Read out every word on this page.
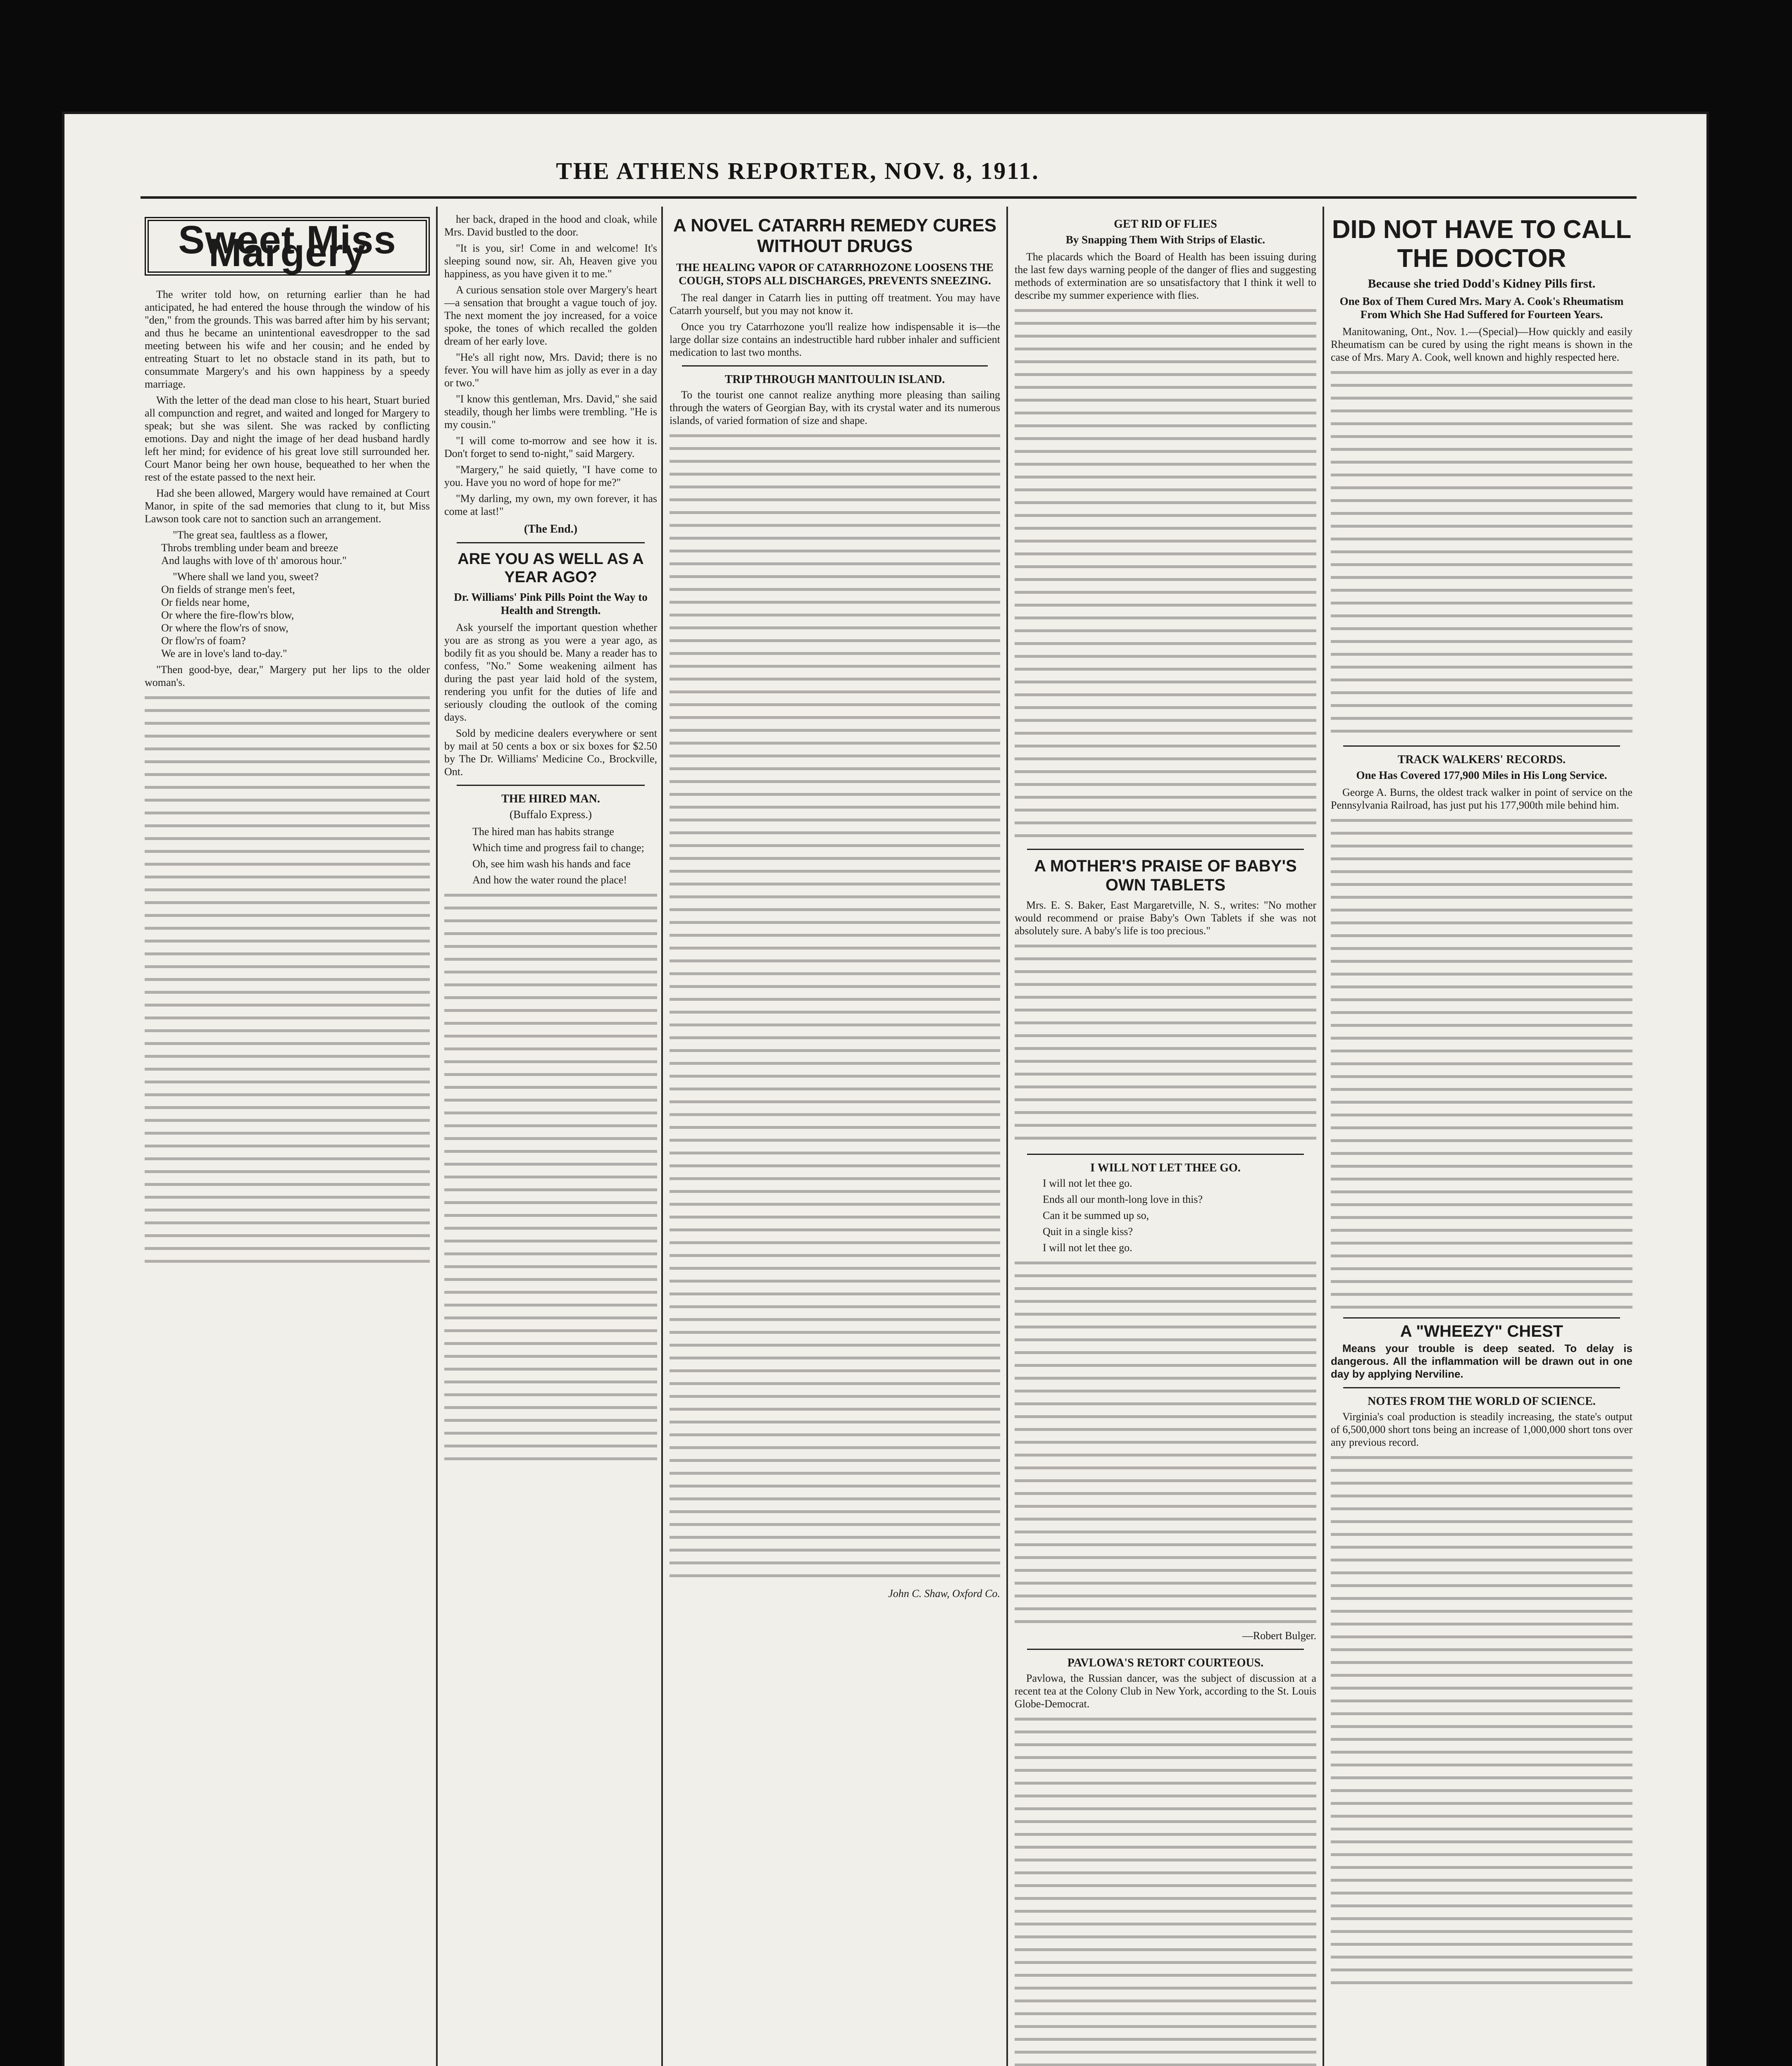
THE ATHENS REPORTER, NOV. 8, 1911.
Sweet Miss Margery

The writer told how, on returning earlier than he had anticipated, he had entered the house through the window of his "den," from the grounds. This was barred after him by his servant; and thus he became an unintentional eavesdropper to the sad meeting between his wife and her cousin; and he ended by entreating Stuart to let no obstacle stand in its path, but to consummate Margery's and his own happiness by a speedy marriage.

With the letter of the dead man close to his heart, Stuart buried all compunction and regret, and waited and longed for Margery to speak; but she was silent. She was racked by conflicting emotions. Day and night the image of her dead husband hardly left her mind; for evidence of his great love still surrounded her. Court Manor being her own house, bequeathed to her when the rest of the estate passed to the next heir.

Had she been allowed, Margery would have remained at Court Manor, in spite of the sad memories that clung to it, but Miss Lawson took care not to sanction such an arrangement.

"The great sea, faultless as a flower,
Throbs trembling under beam and breeze
And laughs with love of th' amorous hour."

"Where shall we land you, sweet?
On fields of strange men's feet,
Or fields near home,
Or where the fire-flow'rs blow,
Or where the flow'rs of snow,
Or flow'rs of foam?
We are in love's land to-day."

"Then good-bye, dear," Margery put her lips to the older woman's.

her back, draped in the hood and cloak, while Mrs. David bustled to the door.

"It is you, sir! Come in and welcome! It's sleeping sound now, sir. Ah, Heaven give you happiness, as you have given it to me."

A curious sensation stole over Margery's heart—a sensation that brought a vague touch of joy. The next moment the joy increased, for a voice spoke, the tones of which recalled the golden dream of her early love.

"He's all right now, Mrs. David; there is no fever. You will have him as jolly as ever in a day or two."

"I know this gentleman, Mrs. David," she said steadily, though her limbs were trembling. "He is my cousin."

"I will come to-morrow and see how it is. Don't forget to send to-night," said Margery.

"Margery," he said quietly, "I have come to you. Have you no word of hope for me?"

"My darling, my own, my own forever, it has come at last!"

(The End.)
ARE YOU AS WELL AS A YEAR AGO?
Dr. Williams' Pink Pills Point the Way to Health and Strength.

Ask yourself the important question whether you are as strong as you were a year ago, as bodily fit as you should be. Many a reader has to confess, "No." Some weakening ailment has during the past year laid hold of the system, rendering you unfit for the duties of life and seriously clouding the outlook of the coming days.

Sold by medicine dealers everywhere or sent by mail at 50 cents a box or six boxes for $2.50 by The Dr. Williams' Medicine Co., Brockville, Ont.

THE HIRED MAN.
(Buffalo Express.)

The hired man has habits strange

Which time and progress fail to change;

Oh, see him wash his hands and face

And how the water round the place!

A NOVEL CATARRH REMEDY CURES WITHOUT DRUGS
THE HEALING VAPOR OF CATARRHOZONE LOOSENS THE COUGH, STOPS ALL DISCHARGES, PREVENTS SNEEZING.

The real danger in Catarrh lies in putting off treatment. You may have Catarrh yourself, but you may not know it.

Once you try Catarrhozone you'll realize how indispensable it is—the large dollar size contains an indestructible hard rubber inhaler and sufficient medication to last two months.

TRIP THROUGH MANITOULIN ISLAND.

To the tourist one cannot realize anything more pleasing than sailing through the waters of Georgian Bay, with its crystal water and its numerous islands, of varied formation of size and shape.

John C. Shaw, Oxford Co.
GET RID OF FLIES
By Snapping Them With Strips of Elastic.

The placards which the Board of Health has been issuing during the last few days warning people of the danger of flies and suggesting methods of extermination are so unsatisfactory that I think it well to describe my summer experience with flies.

A MOTHER'S PRAISE OF BABY'S OWN TABLETS

Mrs. E. S. Baker, East Margaretville, N. S., writes: "No mother would recommend or praise Baby's Own Tablets if she was not absolutely sure. A baby's life is too precious."

I WILL NOT LET THEE GO.

I will not let thee go.

Ends all our month-long love in this?

Can it be summed up so,

Quit in a single kiss?

I will not let thee go.

—Robert Bulger.
PAVLOWA'S RETORT COURTEOUS.

Pavlowa, the Russian dancer, was the subject of discussion at a recent tea at the Colony Club in New York, according to the St. Louis Globe-Democrat.

DID NOT HAVE TO CALL THE DOCTOR
Because she tried Dodd's Kidney Pills first.
One Box of Them Cured Mrs. Mary A. Cook's Rheumatism From Which She Had Suffered for Fourteen Years.

Manitowaning, Ont., Nov. 1.—(Special)—How quickly and easily Rheumatism can be cured by using the right means is shown in the case of Mrs. Mary A. Cook, well known and highly respected here.

TRACK WALKERS' RECORDS.
One Has Covered 177,900 Miles in His Long Service.

George A. Burns, the oldest track walker in point of service on the Pennsylvania Railroad, has just put his 177,900th mile behind him.

A "WHEEZY" CHEST

Means your trouble is deep seated. To delay is dangerous. All the inflammation will be drawn out in one day by applying Nerviline.

NOTES FROM THE WORLD OF SCIENCE.

Virginia's coal production is steadily increasing, the state's output of 6,500,000 short tons being an increase of 1,000,000 short tons over any previous record.
